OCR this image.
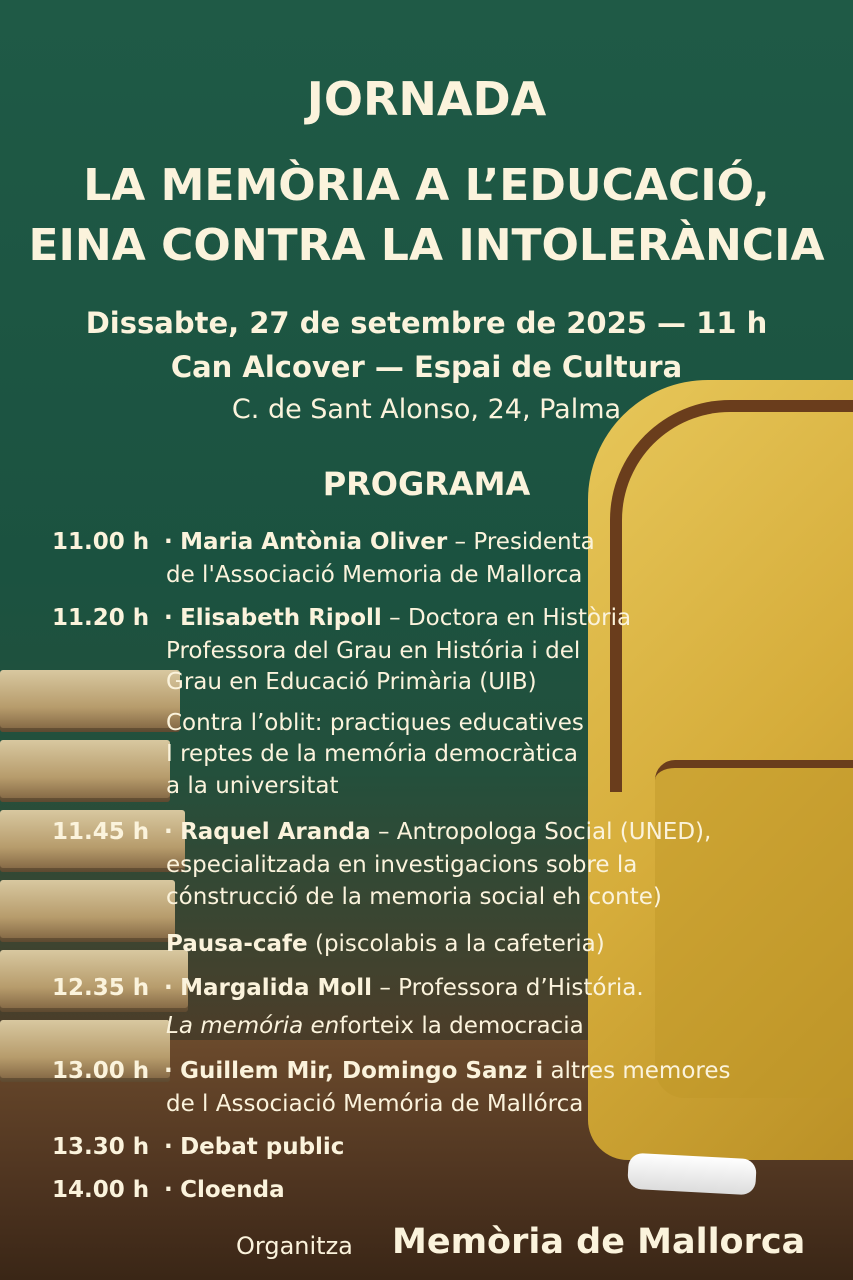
JORNADA
LA MEMÒRIA A L’EDUCACIÓ,
EINA CONTRA LA INTOLERÀNCIA
Dissabte, 27 de setembre de 2025 — 11 h
Can Alcover — Espai de Cultura
C. de Sant Alonso, 24, Palma
PROGRAMA
11.00 h · Maria Antònia Oliver – Presidenta
de l'Associació Memoria de Mallorca
11.20 h · Elisabeth Ripoll – Doctora en Història
Professora del Grau en História i del
Grau en Educació Primària (UIB)
Contra l’oblit: practiques educatives
I reptes de la memória democràtica
a la universitat
11.45 h · Raquel Aranda – Antropologa Social (UNED),
especialitzada en investigacions sobre la
cónstrucció de la memoria social eh conte)
Pausa-cafe (piscolabis a la cafeteria)
12.35 h · Margalida Moll – Professora d’História.
La memória enforteix la democracia
13.00 h · Guillem Mir, Domingo Sanz i altres memores
de l Associació Memória de Mallórca
13.30 h · Debat public
14.00 h · Cloenda
Organitza Memòria de Mallorca
